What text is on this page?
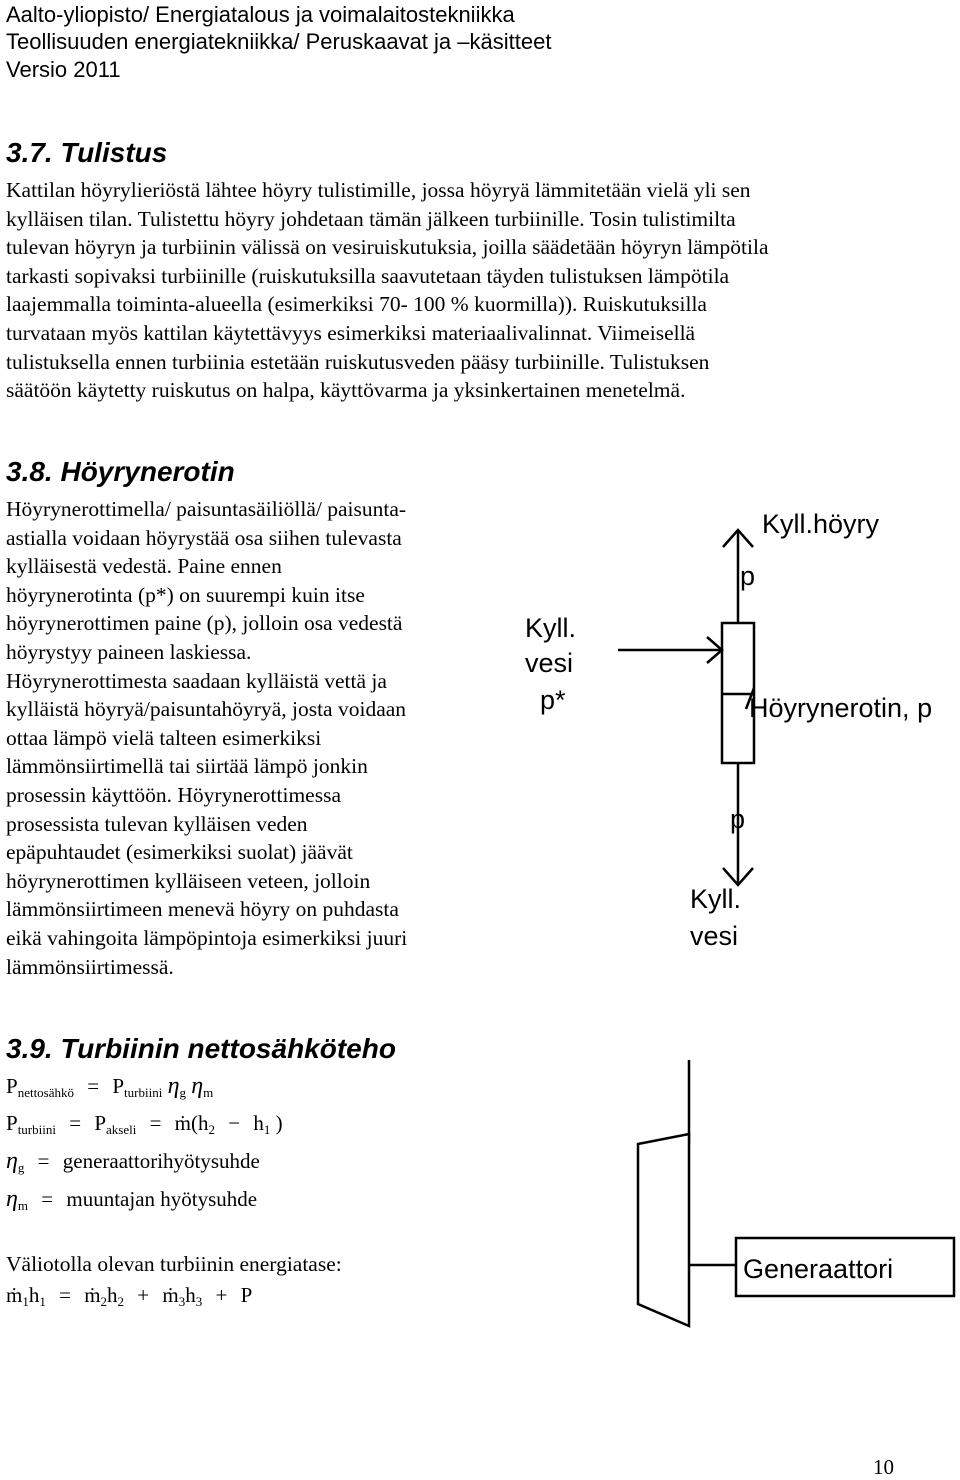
Aalto-yliopisto/ Energiatalous ja voimalaitostekniikka
Teollisuuden energiatekniikka/ Peruskaavat ja –käsitteet
Versio 2011
3.7. Tulistus
Kattilan höyrylieriöstä lähtee höyry tulistimille, jossa höyryä lämmitetään vielä yli sen
kylläisen tilan. Tulistettu höyry johdetaan tämän jälkeen turbiinille. Tosin tulistimilta
tulevan höyryn ja turbiinin välissä on vesiruiskutuksia, joilla säädetään höyryn lämpötila
tarkasti sopivaksi turbiinille (ruiskutuksilla saavutetaan täyden tulistuksen lämpötila
laajemmalla toiminta-alueella (esimerkiksi 70- 100 % kuormilla)). Ruiskutuksilla
turvataan myös kattilan käytettävyys esimerkiksi materiaalivalinnat. Viimeisellä
tulistuksella ennen turbiinia estetään ruiskutusveden pääsy turbiinille. Tulistuksen
säätöön käytetty ruiskutus on halpa, käyttövarma ja yksinkertainen menetelmä.
3.8. Höyrynerotin
Höyrynerottimella/ paisuntasäiliöllä/ paisunta-
astialla voidaan höyrystää osa siihen tulevasta
kylläisestä vedestä. Paine ennen
höyrynerotinta (p*) on suurempi kuin itse
höyrynerottimen paine (p), jolloin osa vedestä
höyrystyy paineen laskiessa.
Höyrynerottimesta saadaan kylläistä vettä ja
kylläistä höyryä/paisuntahöyryä, josta voidaan
ottaa lämpö vielä talteen esimerkiksi
lämmönsiirtimellä tai siirtää lämpö jonkin
prosessin käyttöön. Höyrynerottimessa
prosessista tulevan kylläisen veden
epäpuhtaudet (esimerkiksi suolat) jäävät
höyrynerottimen kylläiseen veteen, jolloin
lämmönsiirtimeen menevä höyry on puhdasta
eikä vahingoita lämpöpintoja esimerkiksi juuri
lämmönsiirtimessä.
Kyll.höyry
p
Kyll.
vesi
p*	Höyrynerotin, p
p
Kyll.
vesi
3.9. Turbiinin nettosähköteho
$P_{nettosähkö} = P_{turbiini}$ $\eta_g$ $\eta_m$
$P_{turbiini} = P_{akseli}$ = $ṁ(h_2 - h_1$ )
$\eta_g$ = generaattorihyötysuhde
$\eta_m$ = muuntajan hyötysuhde
Väliotolla olevan turbiinin energiatase:
$ṁ_1h_1$ = $ṁ_2h_2$ + $ṁ_3h_3 + P$
Generaattori
10
